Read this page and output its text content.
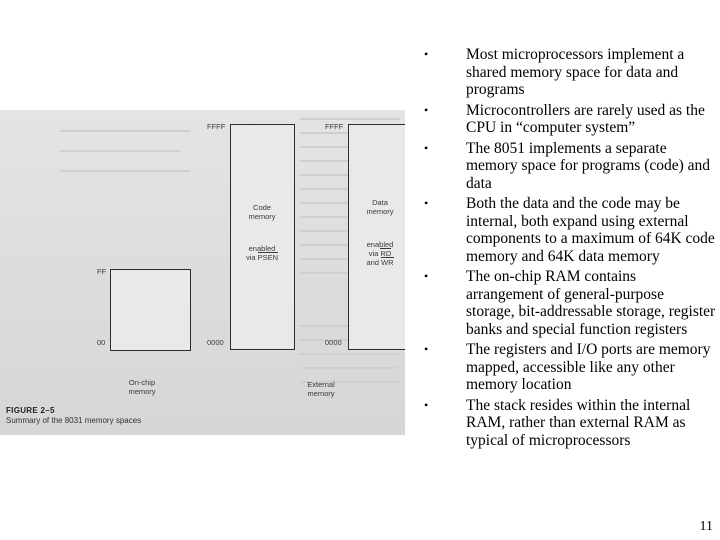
FF
00
On-chip
memory
FFFF
Code
memory
enabled
via PSEN
0000
FFFF
Data
memory
enabled
via RD
and WR
0000
External
memory
FIGURE 2–5
Summary of the 8031 memory spaces
• Most microprocessors implement a shared memory space for data and programs
• Microcontrollers are rarely used as the CPU in “computer system”
• The 8051 implements a separate memory space for programs (code) and data
• Both the data and the code may be internal, both expand using external components to a maximum of 64K code memory and 64K data memory
• The on-chip RAM contains arrangement of general-purpose storage, bit-addressable storage, register banks and special function registers
• The registers and I/O ports are memory mapped, accessible like any other memory location
• The stack resides within the internal RAM, rather than external RAM as typical of microprocessors
11
